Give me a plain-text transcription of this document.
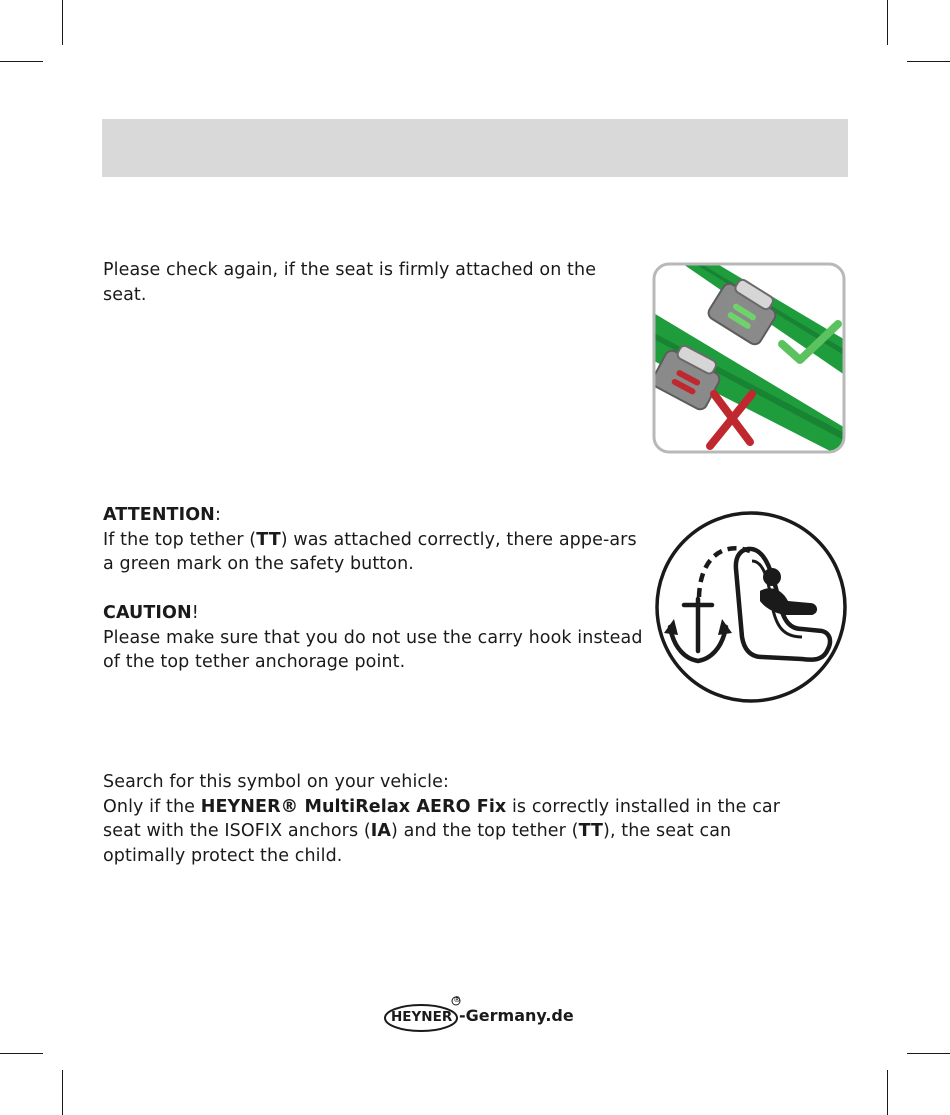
Please check again, if the seat is firmly attached on the seat.

ATTENTION:

If the top tether (TT) was attached correctly, there appe-ars a green mark on the safety button.

CAUTION!

Please make sure that you do not use the carry hook instead of the top tether anchorage point.

Search for this symbol on your vehicle:

Only if the HEYNER® MultiRelax AERO Fix is correctly installed in the car seat with the ISOFIX anchors (IA) and the top tether (TT), the seat can optimally protect the child.

HEYNER
®
-Germany.de
